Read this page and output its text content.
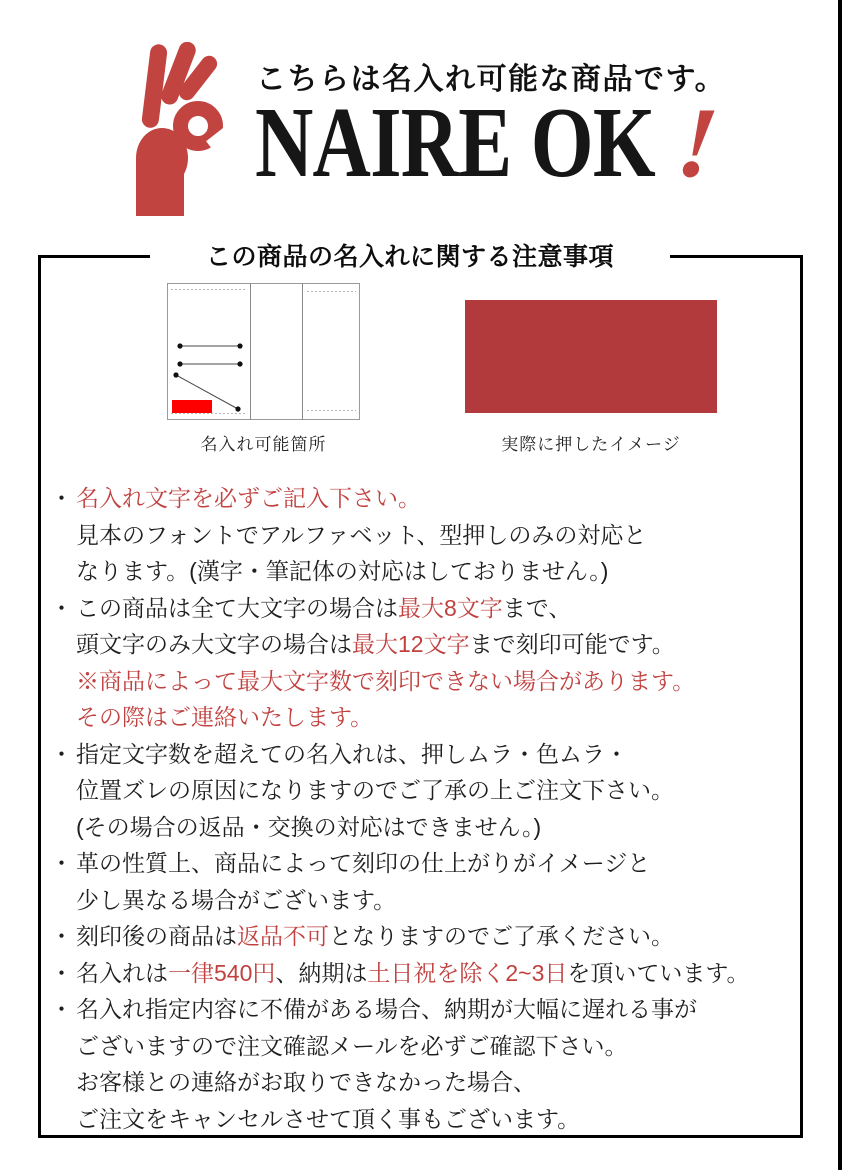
こちらは名入れ可能な商品です。
NAIRE OK !
この商品の名入れに関する注意事項
名入れ可能箇所	実際に押したイメージ
・ 名入れ文字を必ずご記入下さい。
見本のフォントでアルファベット、型押しのみの対応と
なります。(漢字・筆記体の対応はしておりません。)
・ この商品は全て大文字の場合は最大8文字まで、
頭文字のみ大文字の場合は最大12文字まで刻印可能です。
※商品によって最大文字数で刻印できない場合があります。
その際はご連絡いたします。
・ 指定文字数を超えての名入れは、押しムラ・色ムラ・
位置ズレの原因になりますのでご了承の上ご注文下さい。
(その場合の返品・交換の対応はできません。)
・ 革の性質上、商品によって刻印の仕上がりがイメージと
少し異なる場合がございます。
・ 刻印後の商品は返品不可となりますのでご了承ください。
・ 名入れは一律540円、納期は土日祝を除く2~3日を頂いています。
・ 名入れ指定内容に不備がある場合、納期が大幅に遅れる事が
ございますので注文確認メールを必ずご確認下さい。
お客様との連絡がお取りできなかった場合、
ご注文をキャンセルさせて頂く事もございます。
